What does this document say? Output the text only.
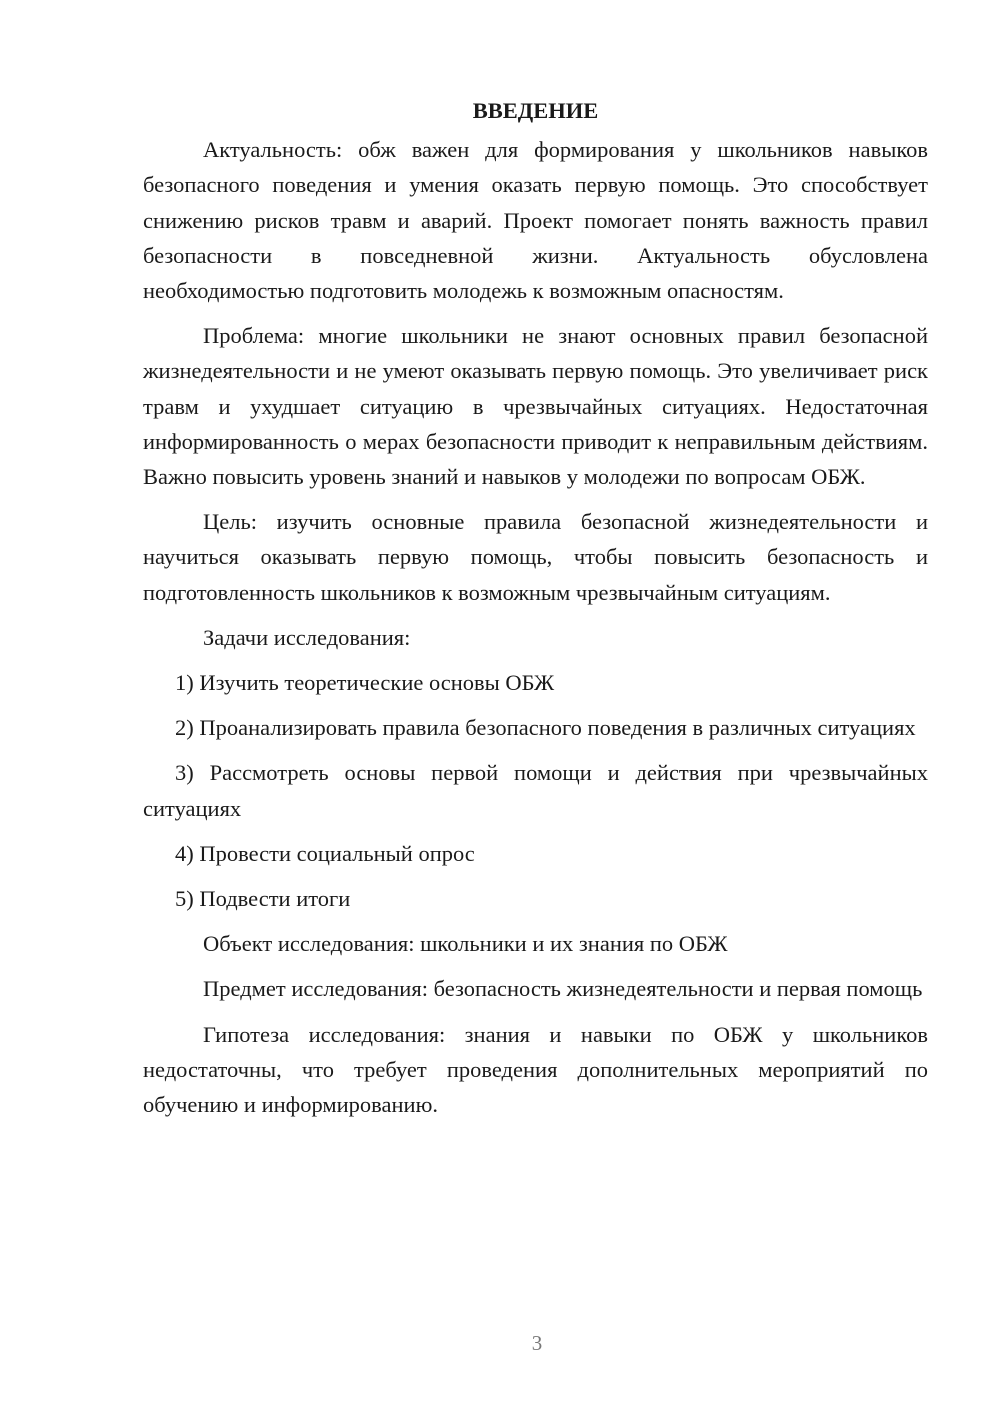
ВВЕДЕНИЕ

Актуальность: обж важен для формирования у школьников навыков безопасного поведения и умения оказать первую помощь. Это способствует снижению рисков травм и аварий. Проект помогает понять важность правил безопасности в повседневной жизни. Актуальность обусловлена необходимостью подготовить молодежь к возможным опасностям.

Проблема: многие школьники не знают основных правил безопасной жизнедеятельности и не умеют оказывать первую помощь. Это увеличивает риск травм и ухудшает ситуацию в чрезвычайных ситуациях. Недостаточная информированность о мерах безопасности приводит к неправильным действиям. Важно повысить уровень знаний и навыков у молодежи по вопросам ОБЖ.

Цель: изучить основные правила безопасной жизнедеятельности и научиться оказывать первую помощь, чтобы повысить безопасность и подготовленность школьников к возможным чрезвычайным ситуациям.

Задачи исследования:

1) Изучить теоретические основы ОБЖ

2) Проанализировать правила безопасного поведения в различных ситуациях

3) Рассмотреть основы первой помощи и действия при чрезвычайных ситуациях

4) Провести социальный опрос

5) Подвести итоги

Объект исследования: школьники и их знания по ОБЖ

Предмет исследования: безопасность жизнедеятельности и первая помощь

Гипотеза исследования: знания и навыки по ОБЖ у школьников недостаточны, что требует проведения дополнительных мероприятий по обучению и информированию.

3
